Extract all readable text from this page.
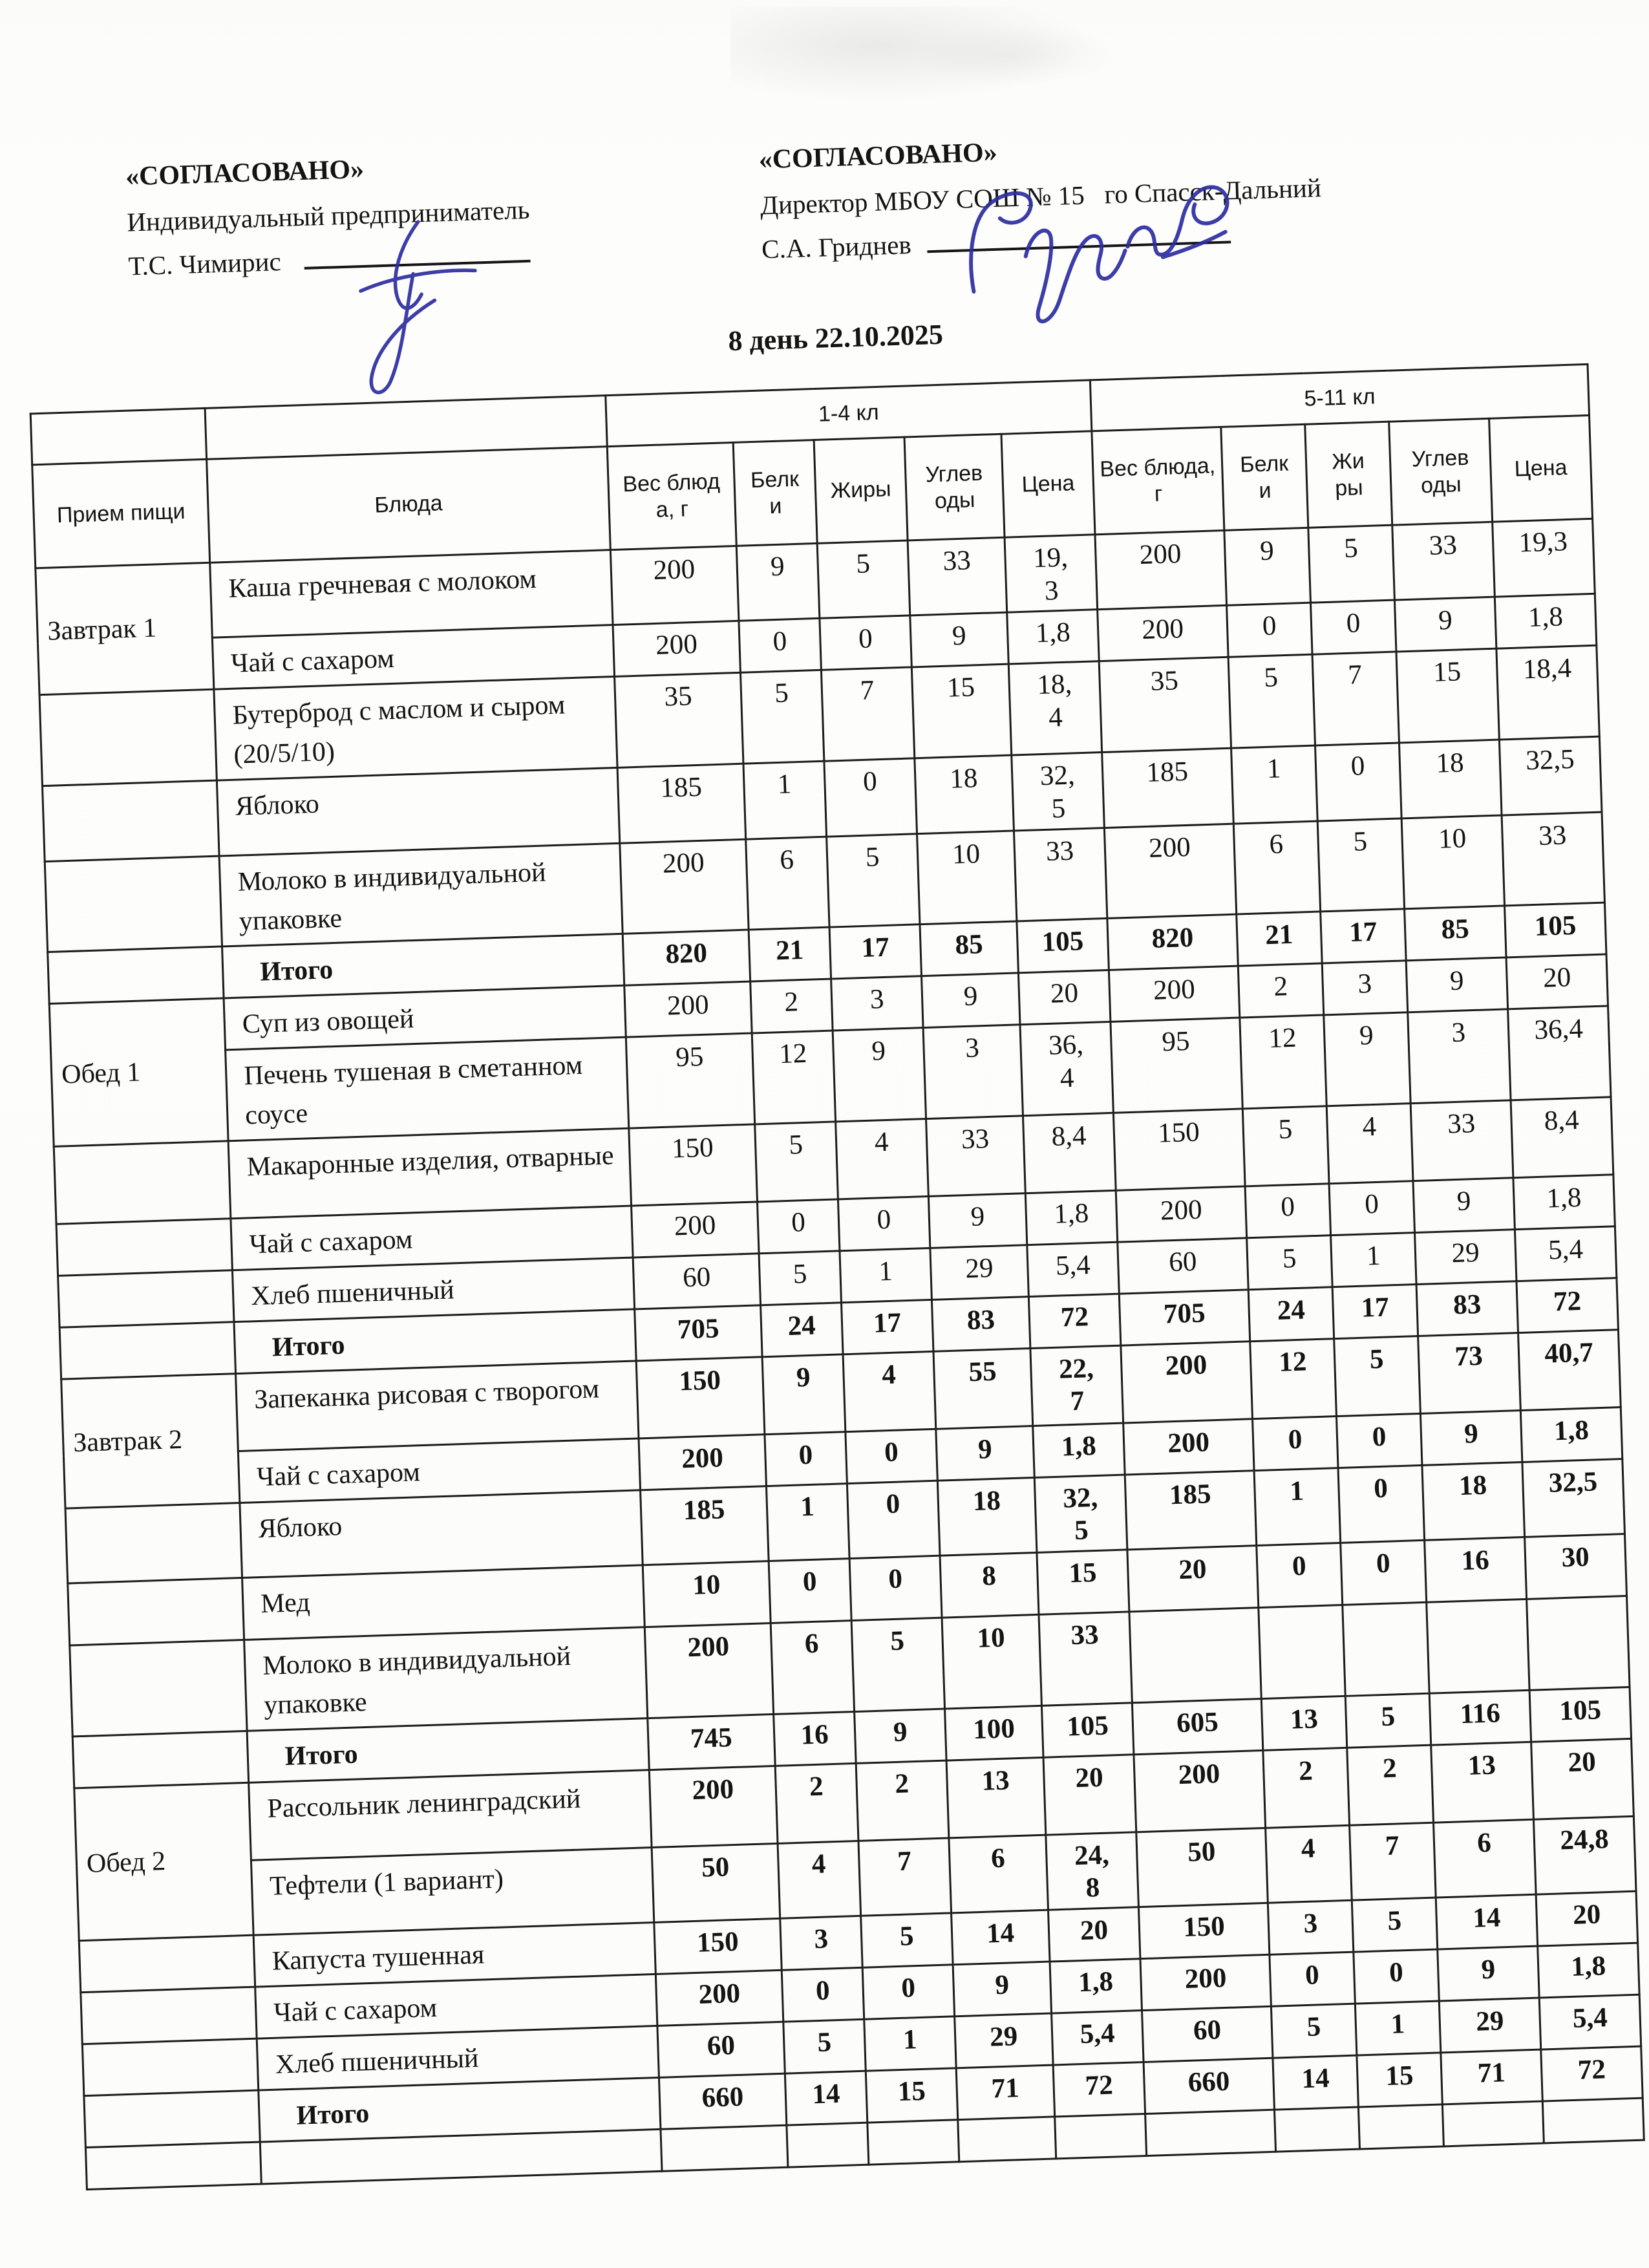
«СОГЛАСОВАНО»
Индивидуальный предприниматель
Т.С. Чимирис
«СОГЛАСОВАНО»
Директор МБОУ СОШ № 15   го Спасск-Дальний
С.А. Гриднев
8 день 22.10.2025
		1-4 кл					5-11 кл				
Прием пищи	Блюда	Вес блюда, г	Белки	Жиры	Углеводы	Цена	Вес блюда, г	Белки	Жиры	Углеводы	Цена
Завтрак 1	Каша гречневая с молоком	200	9	5	33	19,3	200	9	5	33	19,3
	Чай с сахаром	200	0	0	9	1,8	200	0	0	9	1,8
	Бутерброд с маслом и сыром (20/5/10)	35	5	7	15	18,4	35	5	7	15	18,4
	Яблоко	185	1	0	18	32,5	185	1	0	18	32,5
	Молоко в индивидуальной упаковке	200	6	5	10	33	200	6	5	10	33
	Итого	820	21	17	85	105	820	21	17	85	105
Обед 1	Суп из овощей	200	2	3	9	20	200	2	3	9	20
	Печень тушеная в сметанном соусе	95	12	9	3	36,4	95	12	9	3	36,4
	Макаронные изделия, отварные	150	5	4	33	8,4	150	5	4	33	8,4
	Чай с сахаром	200	0	0	9	1,8	200	0	0	9	1,8
	Хлеб пшеничный	60	5	1	29	5,4	60	5	1	29	5,4
	Итого	705	24	17	83	72	705	24	17	83	72
Завтрак 2	Запеканка рисовая с творогом	150	9	4	55	22,7	200	12	5	73	40,7
	Чай с сахаром	200	0	0	9	1,8	200	0	0	9	1,8
	Яблоко	185	1	0	18	32,5	185	1	0	18	32,5
	Мед	10	0	0	8	15	20	0	0	16	30
	Молоко в индивидуальной упаковке	200	6	5	10	33					
	Итого	745	16	9	100	105	605	13	5	116	105
Обед 2	Рассольник ленинградский	200	2	2	13	20	200	2	2	13	20
	Тефтели (1 вариант)	50	4	7	6	24,8	50	4	7	6	24,8
	Капуста тушенная	150	3	5	14	20	150	3	5	14	20
	Чай с сахаром	200	0	0	9	1,8	200	0	0	9	1,8
	Хлеб пшеничный	60	5	1	29	5,4	60	5	1	29	5,4
	Итого	660	14	15	71	72	660	14	15	71	72
